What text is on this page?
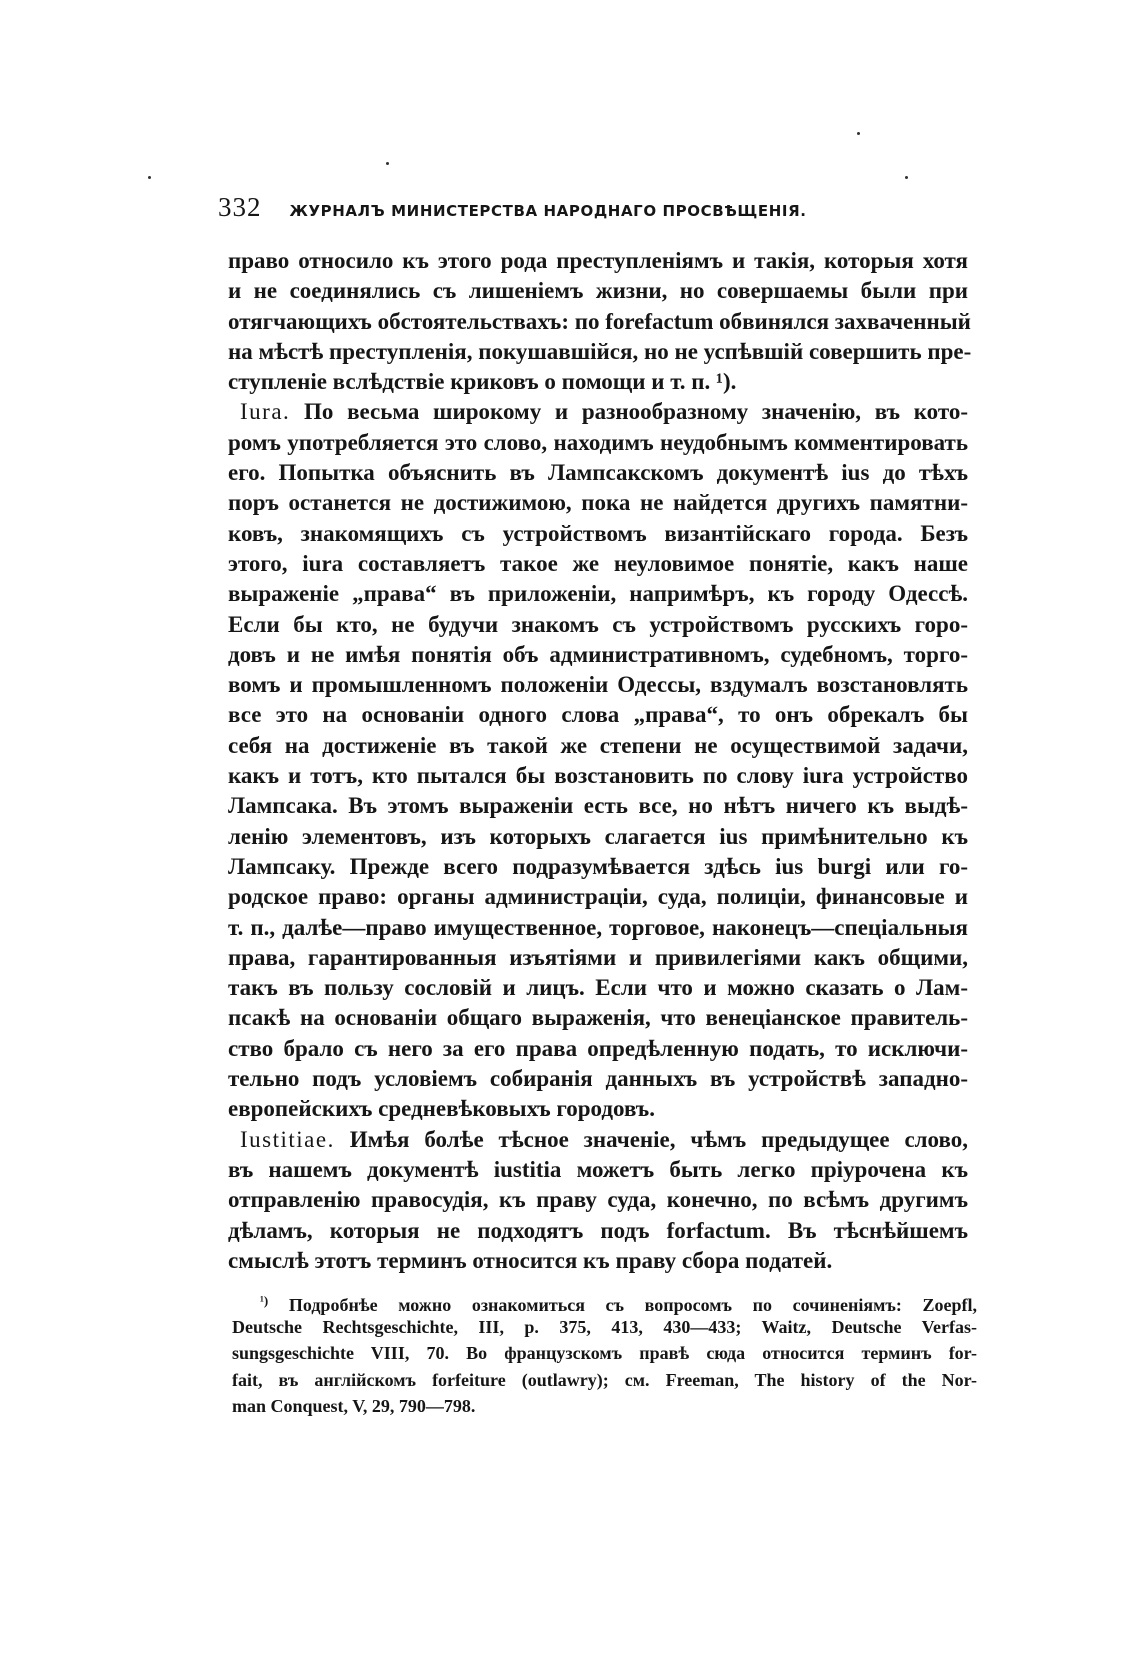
332 ЖУРНАЛЪ МИНИСТЕРСТВА НАРОДНАГО ПРОСВѢЩЕНІЯ.
право относило къ этого рода преступленіямъ и такія, которыя хотя
и не соединялись съ лишеніемъ жизни, но совершаемы были при
отягчающихъ обстоятельствахъ: по forefactum обвинялся захваченный
на мѣстѣ преступленія, покушавшійся, но не успѣвшій совершить пре-
ступленіе вслѣдствіе криковъ о помощи и т. п. ¹).
Iura. По весьма широкому и разнообразному значенію, въ кото-
ромъ употребляется это слово, находимъ неудобнымъ комментировать
его. Попытка объяснить въ Лампсакскомъ документѣ ius до тѣхъ
поръ останется не достижимою, пока не найдется другихъ памятни-
ковъ, знакомящихъ съ устройствомъ византійскаго города. Безъ
этого, iura составляетъ такое же неуловимое понятіе, какъ наше
выраженіе „права“ въ приложеніи, напримѣръ, къ городу Одессѣ.
Если бы кто, не будучи знакомъ съ устройствомъ русскихъ горо-
довъ и не имѣя понятія объ административномъ, судебномъ, торго-
вомъ и промышленномъ положеніи Одессы, вздумалъ возстановлять
все это на основаніи одного слова „права“, то онъ обрекалъ бы
себя на достиженіе въ такой же степени не осуществимой задачи,
какъ и тотъ, кто пытался бы возстановить по слову iura устройство
Лампсака. Въ этомъ выраженіи есть все, но нѣтъ ничего къ выдѣ-
ленію элементовъ, изъ которыхъ слагается ius примѣнительно къ
Лампсаку. Прежде всего подразумѣвается здѣсь ius burgi или го-
родское право: органы администраціи, суда, полиціи, финансовые и
т. п., далѣе—право имущественное, торговое, наконецъ—спеціальныя
права, гарантированныя изъятіями и привилегіями какъ общими,
такъ въ пользу сословій и лицъ. Если что и можно сказать о Лам-
псакѣ на основаніи общаго выраженія, что венеціанское правитель-
ство брало съ него за его права опредѣленную подать, то исключи-
тельно подъ условіемъ собиранія данныхъ въ устройствѣ западно-
европейскихъ средневѣковыхъ городовъ.
Iustitiae. Имѣя болѣе тѣсное значеніе, чѣмъ предыдущее слово,
въ нашемъ документѣ iustitia можетъ быть легко пріурочена къ
отправленію правосудія, къ праву суда, конечно, по всѣмъ другимъ
дѣламъ, которыя не подходятъ подъ forfactum. Въ тѣснѣйшемъ
смыслѣ этотъ терминъ относится къ праву сбора податей.
$^{^1)}$ Подробнѣе можно ознакомиться съ вопросомъ по сочиненіямъ: Zoepfl,
Deutsche Rechtsgeschichte, III, p. 375, 413, 430—433; Waitz, Deutsche Verfas-
sungsgeschichte VIII, 70. Во французскомъ правѣ сюда относится терминъ for-
fait, въ англійскомъ forfeiture (outlawry); см. Freeman, The history of the Nor-
man Conquest, V, 29, 790—798.
